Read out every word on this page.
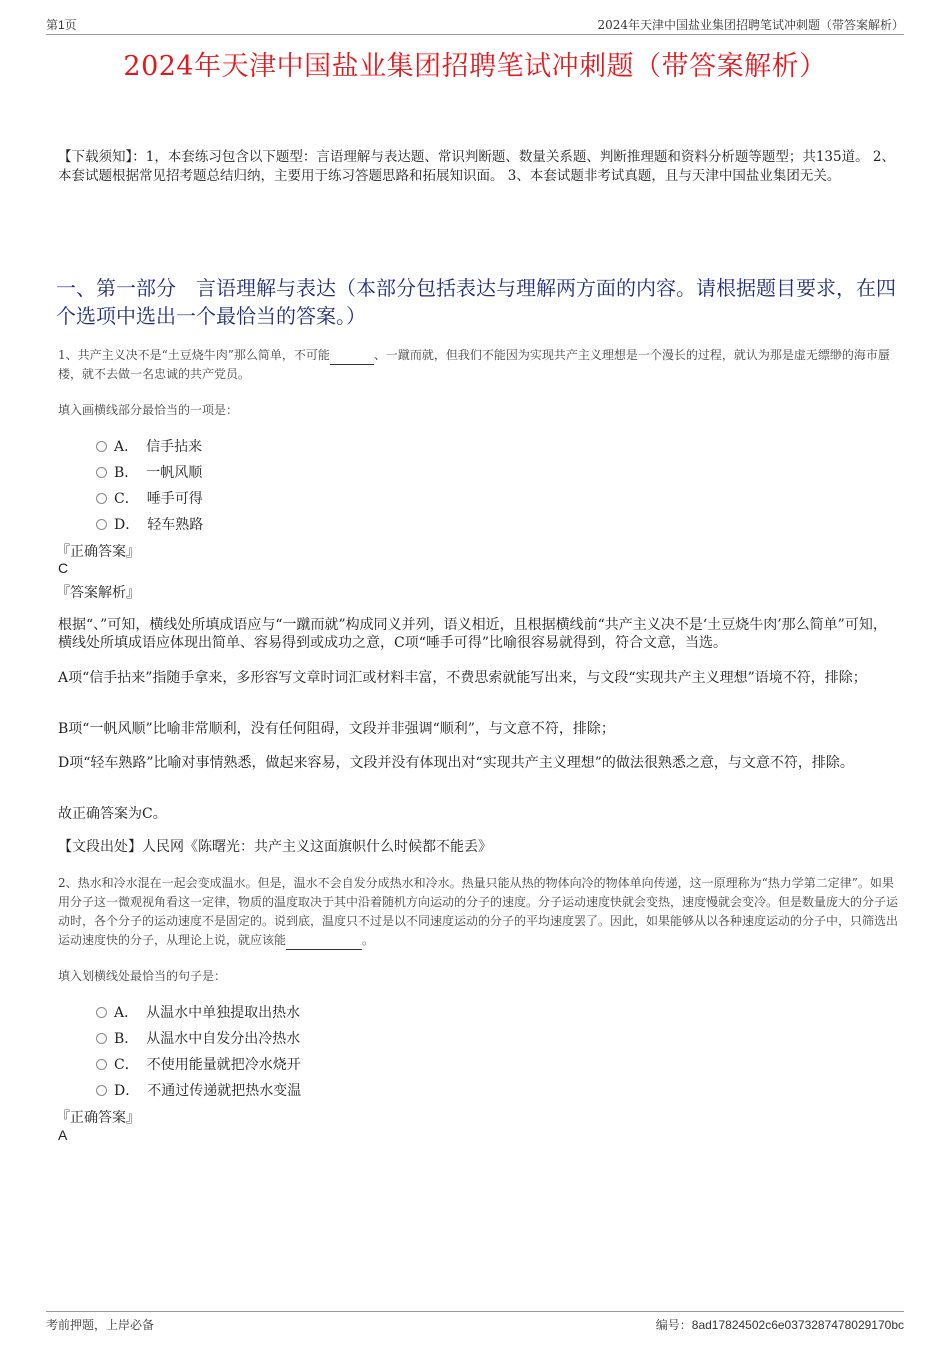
第1页	2024年天津中国盐业集团招聘笔试冲刺题（带答案解析）
2024年天津中国盐业集团招聘笔试冲刺题（带答案解析）
【下载须知】：1，本套练习包含以下题型：言语理解与表达题、常识判断题、数量关系题、判断推理题和资料分析题等题型；共135道。 2、本套试题根据常见招考题总结归纳，主要用于练习答题思路和拓展知识面。 3、本套试题非考试真题，且与天津中国盐业集团无关。
一、第一部分　言语理解与表达（本部分包括表达与理解两方面的内容。请根据题目要求，在四个选项中选出一个最恰当的答案。）
1、共产主义决不是“土豆烧牛肉”那么简单，不可能	、一蹴而就，但我们不能因为实现共产主义理想是一个漫长的过程，就认为那是虚无缥缈的海市蜃楼，就不去做一名忠诚的共产党员。
填入画横线部分最恰当的一项是：
A． 信手拈来
B． 一帆风顺
C． 唾手可得
D． 轻车熟路
『正确答案』
C
『答案解析』
根据“、”可知，横线处所填成语应与“一蹴而就”构成同义并列，语义相近，且根据横线前“共产主义决不是‘土豆烧牛肉’那么简单”可知，横线处所填成语应体现出简单、容易得到或成功之意，C项“唾手可得”比喻很容易就得到，符合文意，当选。
A项“信手拈来”指随手拿来，多形容写文章时词汇或材料丰富，不费思索就能写出来，与文段“实现共产主义理想”语境不符，排除；
B项“一帆风顺”比喻非常顺利，没有任何阻碍，文段并非强调“顺利”，与文意不符，排除；
D项“轻车熟路”比喻对事情熟悉，做起来容易，文段并没有体现出对“实现共产主义理想”的做法很熟悉之意，与文意不符，排除。
故正确答案为C。
【文段出处】人民网《陈曙光：共产主义这面旗帜什么时候都不能丢》
2、热水和冷水混在一起会变成温水。但是，温水不会自发分成热水和冷水。热量只能从热的物体向冷的物体单向传递，这一原理称为“热力学第二定律”。如果用分子这一微观视角看这一定律，物质的温度取决于其中沿着随机方向运动的分子的速度。分子运动速度快就会变热，速度慢就会变冷。但是数量庞大的分子运动时，各个分子的运动速度不是固定的。说到底，温度只不过是以不同速度运动的分子的平均速度罢了。因此，如果能够从以各种速度运动的分子中，只筛选出运动速度快的分子，从理论上说，就应该能	。
填入划横线处最恰当的句子是：
A． 从温水中单独提取出热水
B． 从温水中自发分出冷热水
C． 不使用能量就把冷水烧开
D． 不通过传递就把热水变温
『正确答案』
A
考前押题，上岸必备	编号：8ad17824502c6e0373287478029170bc
